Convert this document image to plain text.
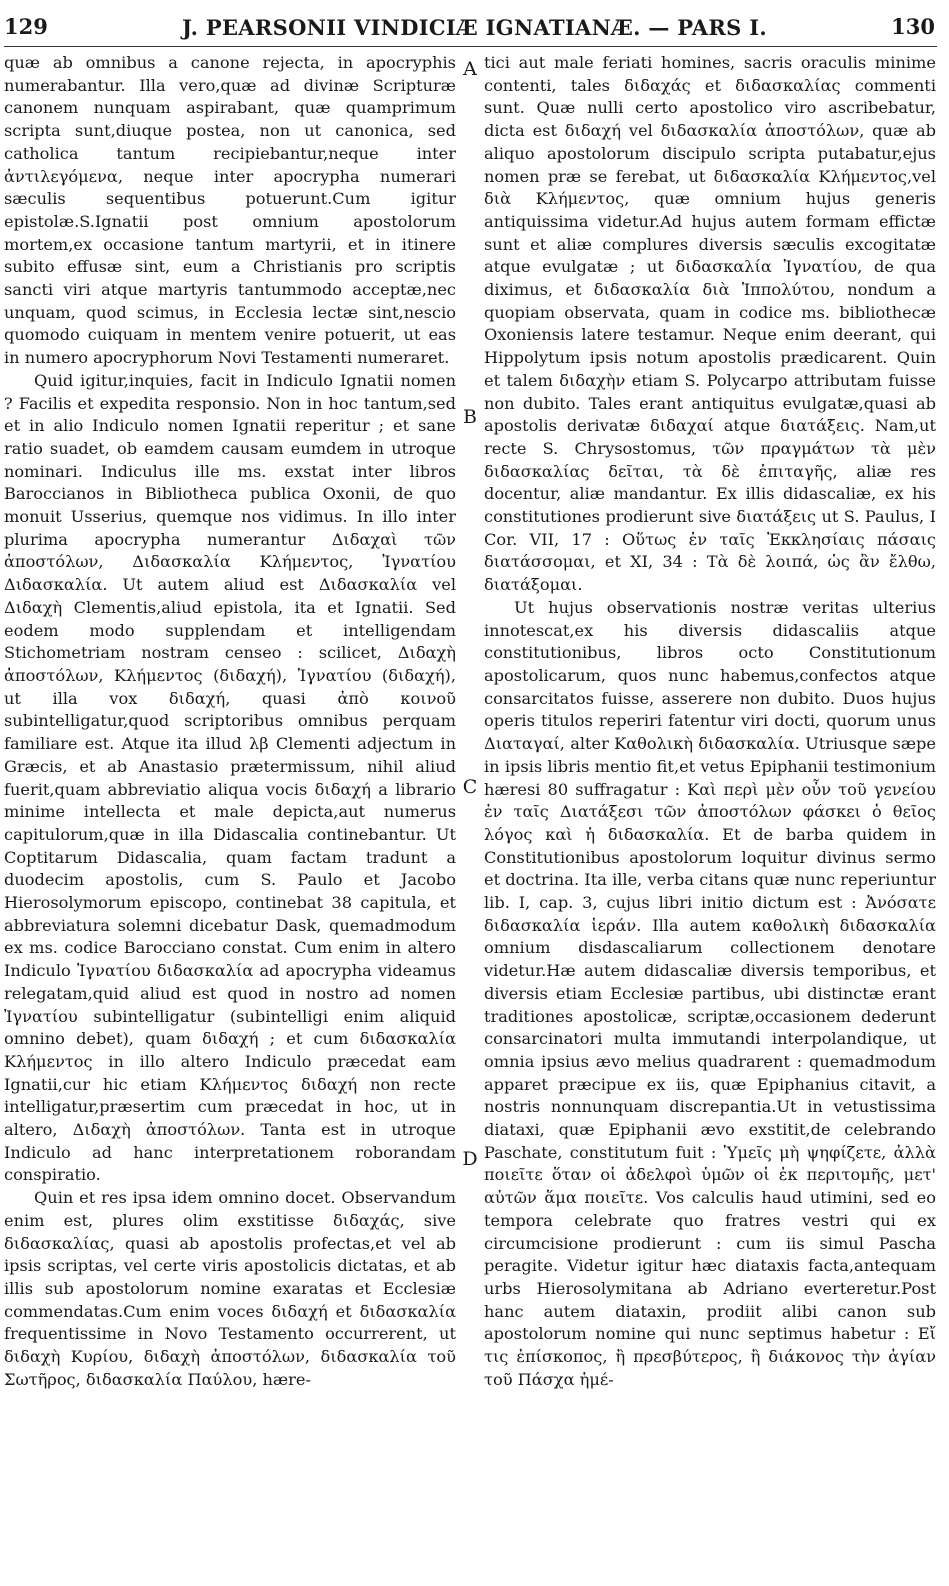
129	J. PEARSONII VINDICIÆ IGNATIANÆ. — PARS I.	130

quæ ab omnibus a canone rejecta, in apocryphis numerabantur. Illa vero,quæ ad divinæ Scripturæ canonem nunquam aspirabant, quæ quamprimum scripta sunt,diuque postea, non ut canonica, sed catholica tantum recipiebantur,neque inter ἀντιλεγόμενα, neque inter apocrypha numerari sæculis sequentibus potuerunt.Cum igitur epistolæ.S.Ignatii post omnium apostolorum mortem,ex occasione tantum martyrii, et in itinere subito effusæ sint, eum a Christianis pro scriptis sancti viri atque martyris tantummodo acceptæ,nec unquam, quod scimus, in Ecclesia lectæ sint,nescio quomodo cuiquam in mentem venire potuerit, ut eas in numero apocryphorum Novi Testamenti numeraret.

Quid igitur,inquies, facit in Indiculo Ignatii nomen ? Facilis et expedita responsio. Non in hoc tantum,sed et in alio Indiculo nomen Ignatii reperitur ; et sane ratio suadet, ob eamdem causam eumdem in utroque nominari. Indiculus ille ms. exstat inter libros Baroccianos in Bibliotheca publica Oxonii, de quo monuit Usserius, quemque nos vidimus. In illo inter plurima apocrypha numerantur Διδαχαὶ τῶν ἀποστόλων, Διδασκαλία Κλήμεντος, Ἰγνατίου Διδασκαλία. Ut autem aliud est Διδασκαλία vel Διδαχὴ Clementis,aliud epistola, ita et Ignatii. Sed eodem modo supplendam et intelligendam Stichometriam nostram censeo : scilicet, Διδαχὴ ἀποστόλων, Κλήμεντος (διδαχή), Ἰγνατίου (διδαχή), ut illa vox διδαχή, quasi ἀπὸ κοινοῦ subintelligatur,quod scriptoribus omnibus perquam familiare est. Atque ita illud λβ Clementi adjectum in Græcis, et ab Anastasio prætermissum, nihil aliud fuerit,quam abbreviatio aliqua vocis διδαχή a librario minime intellecta et male depicta,aut numerus capitulorum,quæ in illa Didascalia continebantur. Ut Coptitarum Didascalia, quam factam tradunt a duodecim apostolis, cum S. Paulo et Jacobo Hierosolymorum episcopo, continebat 38 capitula, et abbreviatura solemni dicebatur Dask, quemadmodum ex ms. codice Barocciano constat. Cum enim in altero Indiculo Ἰγνατίου διδασκαλία ad apocrypha videamus relegatam,quid aliud est quod in nostro ad nomen Ἰγνατίου subintelligatur (subintelligi enim aliquid omnino debet), quam διδαχή ; et cum διδασκαλία Κλήμεντος in illo altero Indiculo præcedat eam Ignatii,cur hic etiam Κλήμεντος διδαχή non recte intelligatur,præsertim cum præcedat in hoc, ut in altero, Διδαχὴ ἀποστόλων. Tanta est in utroque Indiculo ad hanc interpretationem roborandam conspiratio.

Quin et res ipsa idem omnino docet. Observandum enim est, plures olim exstitisse διδαχάς, sive διδασκαλίας, quasi ab apostolis profectas,et vel ab ipsis scriptas, vel certe viris apostolicis dictatas, et ab illis sub apostolorum nomine exaratas et Ecclesiæ commendatas.Cum enim voces διδαχή et διδασκαλία frequentissime in Novo Testamento occurrerent, ut διδαχὴ Κυρίου, διδαχὴ ἀποστόλων, διδασκαλία τοῦ Σωτῆρος, διδασκαλία Παύλου, hære-

A
B
C
D

tici aut male feriati homines, sacris oraculis minime contenti, tales διδαχάς et διδασκαλίας commenti sunt. Quæ nulli certo apostolico viro ascribebatur, dicta est διδαχή vel διδασκαλία ἀποστόλων, quæ ab aliquo apostolorum discipulo scripta putabatur,ejus nomen præ se ferebat, ut διδασκαλία Κλήμεντος,vel διὰ Κλήμεντος, quæ omnium hujus generis antiquissima videtur.Ad hujus autem formam effictæ sunt et aliæ complures diversis sæculis excogitatæ atque evulgatæ ; ut διδασκαλία Ἰγνατίου, de qua diximus, et διδασκαλία διὰ Ἱππολύτου, nondum a quopiam observata, quam in codice ms. bibliothecæ Oxoniensis latere testamur. Neque enim deerant, qui Hippolytum ipsis notum apostolis prædicarent. Quin et talem διδαχὴν etiam S. Polycarpo attributam fuisse non dubito. Tales erant antiquitus evulgatæ,quasi ab apostolis derivatæ διδαχαί atque διατάξεις. Nam,ut recte S. Chrysostomus, τῶν πραγμάτων τὰ μὲν διδασκαλίας δεῖται, τὰ δὲ ἐπιταγῆς, aliæ res docentur, aliæ mandantur. Ex illis didascaliæ, ex his constitutiones prodierunt sive διατάξεις ut S. Paulus, I Cor. VII, 17 : Οὕτως ἐν ταῖς Ἐκκλησίαις πάσαις διατάσσομαι, et XI, 34 : Τὰ δὲ λοιπά, ὡς ἂν ἔλθω, διατάξομαι.

Ut hujus observationis nostræ veritas ulterius innotescat,ex his diversis didascaliis atque constitutionibus, libros octo Constitutionum apostolicarum, quos nunc habemus,confectos atque consarcitatos fuisse, asserere non dubito. Duos hujus operis titulos reperiri fatentur viri docti, quorum unus Διαταγαί, alter Καθολικὴ διδασκαλία. Utriusque sæpe in ipsis libris mentio fit,et vetus Epiphanii testimonium hæresi 80 suffragatur : Καὶ περὶ μὲν οὖν τοῦ γενείου ἐν ταῖς Διατάξεσι τῶν ἀποστόλων φάσκει ὁ θεῖος λόγος καὶ ἡ διδασκαλία. Et de barba quidem in Constitutionibus apostolorum loquitur divinus sermo et doctrina. Ita ille, verba citans quæ nunc reperiuntur lib. I, cap. 3, cujus libri initio dictum est : Ἀνόσατε διδασκαλία ἱεράν. Illa autem καθολικὴ διδασκαλία omnium disdascaliarum collectionem denotare videtur.Hæ autem didascaliæ diversis temporibus, et diversis etiam Ecclesiæ partibus, ubi distinctæ erant traditiones apostolicæ, scriptæ,occasionem dederunt consarcinatori multa immutandi interpolandique, ut omnia ipsius ævo melius quadrarent : quemadmodum apparet præcipue ex iis, quæ Epiphanius citavit, a nostris nonnunquam discrepantia.Ut in vetustissima diataxi, quæ Epiphanii ævo exstitit,de celebrando Paschate, constitutum fuit : Ὑμεῖς μὴ ψηφίζετε, ἀλλὰ ποιεῖτε ὅταν οἱ ἀδελφοὶ ὑμῶν οἱ ἐκ περιτομῆς, μετ' αὐτῶν ἅμα ποιεῖτε. Vos calculis haud utimini, sed eo tempora celebrate quo fratres vestri qui ex circumcisione prodierunt : cum iis simul Pascha peragite. Videtur igitur hæc diataxis facta,antequam urbs Hierosolymitana ab Adriano everteretur.Post hanc autem diataxin, prodiit alibi canon sub apostolorum nomine qui nunc septimus habetur : Εἴ τις ἐπίσκοπος, ἢ πρεσβύτερος, ἢ διάκονος τὴν ἁγίαν τοῦ Πάσχα ἡμέ-
